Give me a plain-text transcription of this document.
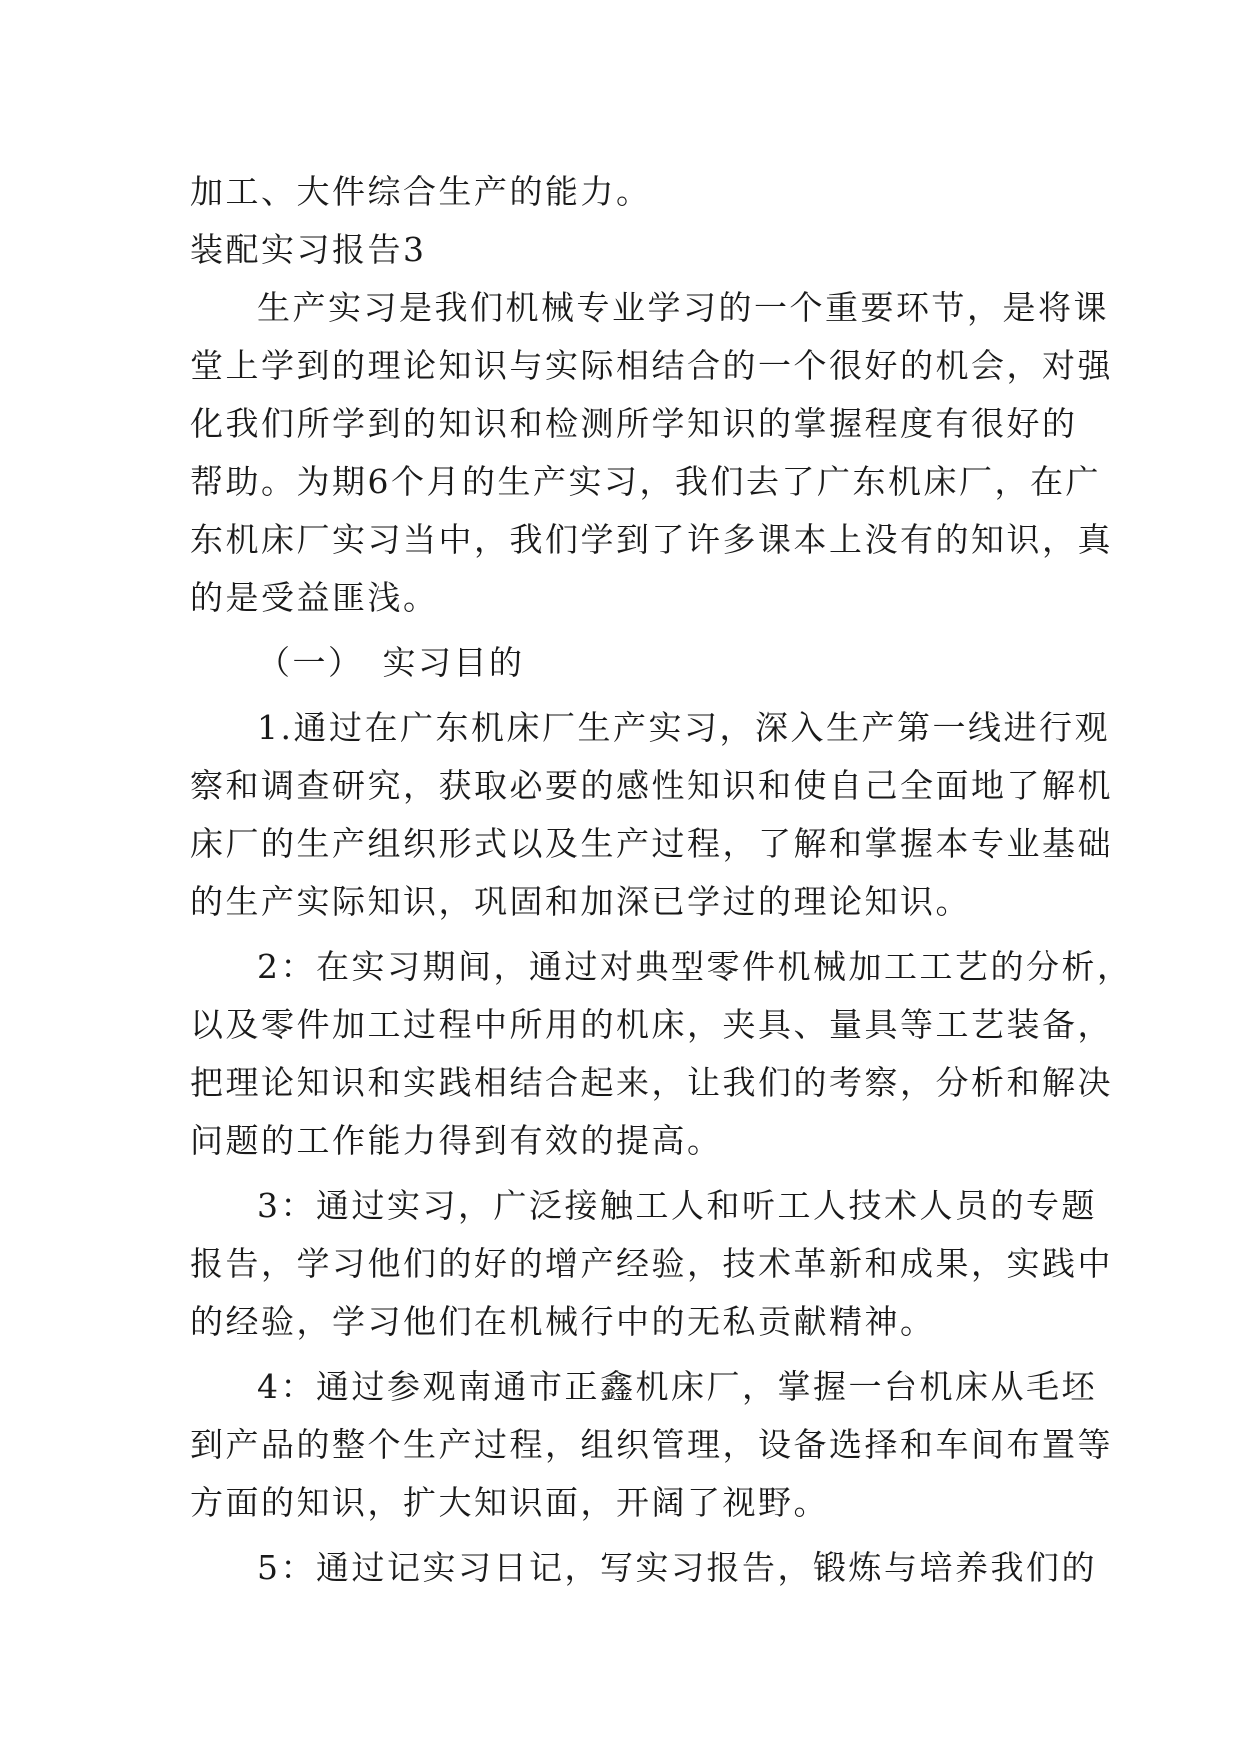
加工、大件综合生产的能力。
装配实习报告3
生产实习是我们机械专业学习的一个重要环节，是将课
堂上学到的理论知识与实际相结合的一个很好的机会，对强
化我们所学到的知识和检测所学知识的掌握程度有很好的
帮助。为期6个月的生产实习，我们去了广东机床厂，在广
东机床厂实习当中，我们学到了许多课本上没有的知识，真
的是受益匪浅。
（一）　实习目的
1.通过在广东机床厂生产实习，深入生产第一线进行观
察和调查研究，获取必要的感性知识和使自己全面地了解机
床厂的生产组织形式以及生产过程，了解和掌握本专业基础
的生产实际知识，巩固和加深已学过的理论知识。
2：在实习期间，通过对典型零件机械加工工艺的分析，
以及零件加工过程中所用的机床，夹具、量具等工艺装备，
把理论知识和实践相结合起来，让我们的考察，分析和解决
问题的工作能力得到有效的提高。
3：通过实习，广泛接触工人和听工人技术人员的专题
报告，学习他们的好的增产经验，技术革新和成果，实践中
的经验，学习他们在机械行中的无私贡献精神。
4：通过参观南通市正鑫机床厂，掌握一台机床从毛坯
到产品的整个生产过程，组织管理，设备选择和车间布置等
方面的知识，扩大知识面，开阔了视野。
5：通过记实习日记，写实习报告，锻炼与培养我们的
